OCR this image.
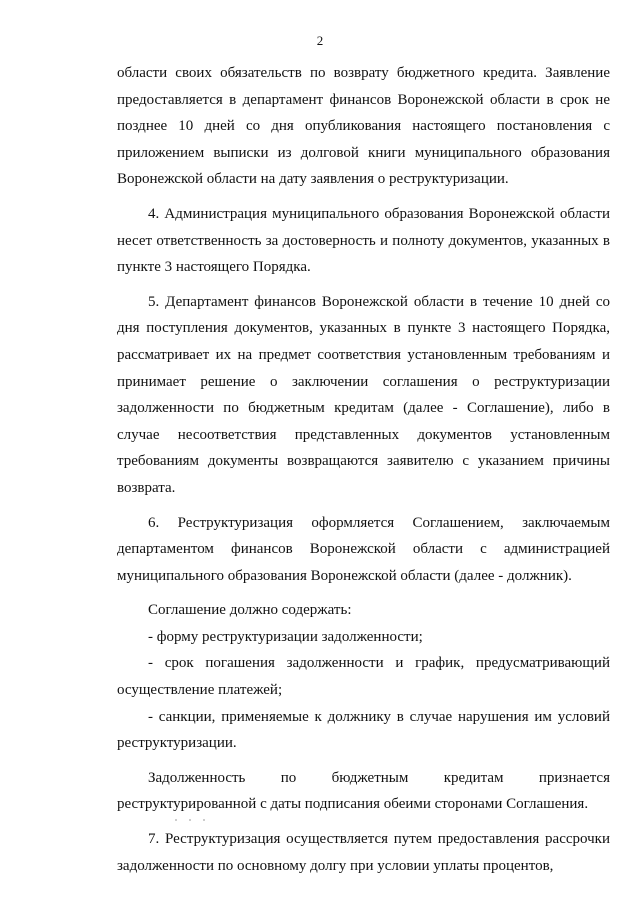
2

области своих обязательств по возврату бюджетного кредита. Заявление предоставляется в департамент финансов Воронежской области в срок не позднее 10 дней со дня опубликования настоящего постановления с приложением выписки из долговой книги муниципального образования Воронежской области на дату заявления о реструктуризации.

4. Администрация муниципального образования Воронежской области несет ответственность за достоверность и полноту документов, указанных в пункте 3 настоящего Порядка.

5. Департамент финансов Воронежской области в течение 10 дней со дня поступления документов, указанных в пункте 3 настоящего Порядка, рассматривает их на предмет соответствия установленным требованиям и принимает решение о заключении соглашения о реструктуризации задолженности по бюджетным кредитам (далее - Соглашение), либо в случае несоответствия представленных документов установленным требованиям документы возвращаются заявителю с указанием причины возврата.

6. Реструктуризация оформляется Соглашением, заключаемым департаментом финансов Воронежской области с администрацией муниципального образования Воронежской области (далее - должник).

Соглашение должно содержать:

- форму реструктуризации задолженности;

- срок погашения задолженности и график, предусматривающий осуществление платежей;

- санкции, применяемые к должнику в случае нарушения им условий реструктуризации.

Задолженность по бюджетным кредитам признается реструктурированной с даты подписания обеими сторонами Соглашения.

7. Реструктуризация осуществляется путем предоставления рассрочки задолженности по основному долгу при условии уплаты процентов,
